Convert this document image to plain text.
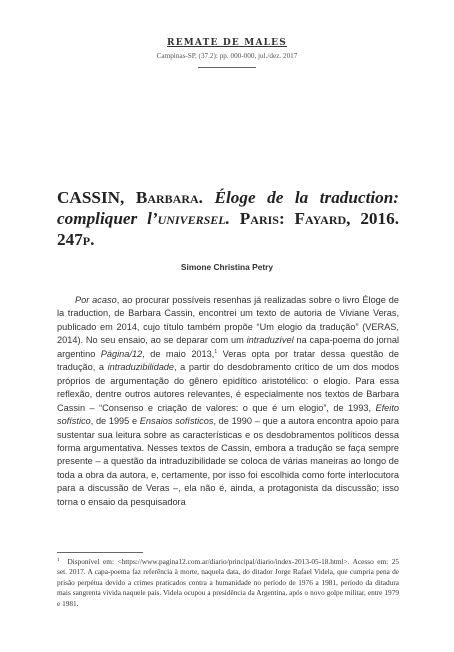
REMATE DE MALES
Campinas-SP, (37.2): pp. 000-000, jul./dez. 2017
CASSIN, Barbara. Éloge de la traduction: compliquer l’universel. Paris: Fayard, 2016. 247p.
Simone Christina Petry

Por acaso, ao procurar possíveis resenhas já realizadas sobre o livro Éloge de la traduction, de Barbara Cassin, encontrei um texto de autoria de Viviane Veras, publicado em 2014, cujo título também propõe “Um elogio da tradução” (VERAS, 2014). No seu ensaio, ao se deparar com um intraduzível na capa-poema do jornal argentino Página/12, de maio 2013,$^1$ Veras opta por tratar dessa questão de tradução, a intraduzibilidade, a partir do desdobramento crítico de um dos modos próprios de argumentação do gênero epidítico aristotélico: o elogio. Para essa reflexão, dentre outros autores relevantes, é especialmente nos textos de Barbara Cassin – “Consenso e criação de valores: o que é um elogio”, de 1993, Efeito sofístico, de 1995 e Ensaios sofísticos, de 1990 – que a autora encontra apoio para sustentar sua leitura sobre as características e os desdobramentos políticos dessa forma argumentativa. Nesses textos de Cassin, embora a tradução se faça sempre presente – a questão da intraduzibilidade se coloca de várias maneiras ao longo de toda a obra da autora, e, certamente, por isso foi escolhida como forte interlocutora para a discussão de Veras –, ela não é, ainda, a protagonista da discussão; isso torna o ensaio da pesquisadora

$^1$ Disponível em: <https://www.pagina12.com.ar/diario/principal/diario/index-2013-05-18.html>. Acesso em: 25 set. 2017. A capa-poema faz referência à morte, naquela data, do ditador Jorge Rafael Videla, que cumpria pena de prisão perpétua devido a crimes praticados contra a humanidade no período de 1976 a 1981, período da ditadura mais sangrenta vivida naquele país. Videla ocupou a presidência da Argentina, após o novo golpe militar, entre 1979 e 1981.
